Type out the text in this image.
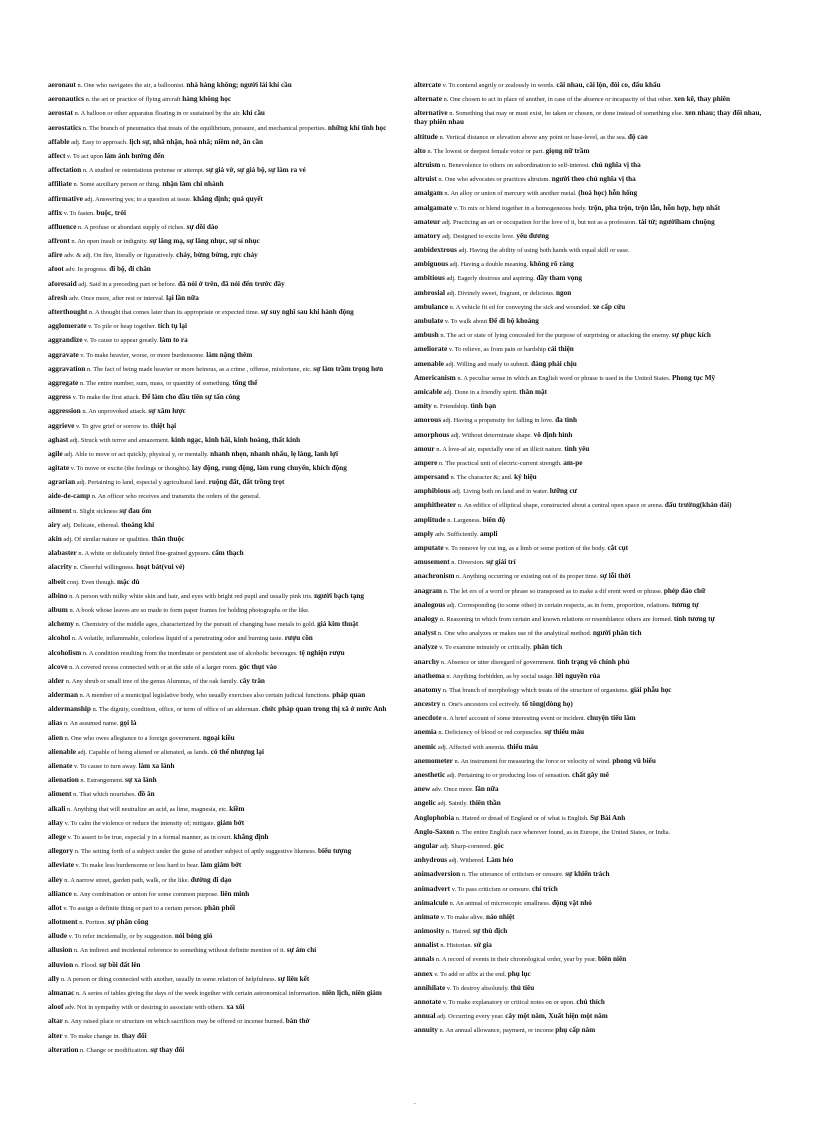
aeronaut n. One who navigates the air, a balloonist. nhà hàng không; người lái khí cầu
aeronautics n. the art or practice of flying aircraft hàng không học
aerostat n. A balloon or other apparatus floating in or sustained by the air. khí cầu
aerostatics n. The branch of pneumatics that treats of the equilibrium, pressure, and mechanical properties. những khí tĩnh học
affable adj. Easy to approach. lịch sự, nhã nhặn, hoà nhã; niềm nở, ân cần
affect v. To act upon làm ảnh hưởng đến
affectation n. A studied or ostentatious pretense or attempt. sự giả vờ, sự giả bộ, sự làm ra vẻ
affiliate n. Some auxiliary person or thing. nhận làm chi nhánh
affirmative adj. Answering yes; to a question at issue. khẳng định; quả quyết
affix v. To fasten. buộc, trói
affluence n. A profuse or abundant supply of riches. sự dồi dào
affront n. An open insult or indignity. sự lăng mạ, sự lăng nhục, sự sỉ nhục
afire adv. & adj. On fire, literally or figuratively. cháy, bừng bừng, rực cháy
afoot adv. In progress. đi bộ, đi chân
aforesaid adj. Said in a preceding part or before. đã nói ở trên, đã nói đến trước đây
afresh adv. Once more, after rest or interval. lại lần nữa
afterthought n. A thought that comes later than its appropriate or expected time. sự suy nghĩ sau khi hành động
agglomerate v. To pile or heap together. tích tụ lại
aggrandize v. To cause to appear greatly. làm to ra
aggravate v. To make heavier, worse, or more burdensome. làm nặng thêm
aggravation n. The fact of being made heavier or more heinous, as a crime , offense, misfortune, etc. sự làm trầm trọng hơn
aggregate n. The entire number, sum, mass, or quantity of something. tổng thể
aggress v. To make the first attack. Để làm cho đầu tiên sự tấn công
aggression n. An unprovoked attack. sự xâm lược
aggrieve v. To give grief or sorrow to. thiệt hại
aghast adj. Struck with terror and amazement. kinh ngạc, kinh hãi, kinh hoàng, thất kinh
agile adj. Able to move or act quickly, physical y, or mentally. nhanh nhẹn, nhanh nhẩu, lẹ làng, lanh lợi
agitate v. To move or excite (the feelings or thoughts). lay động, rung động, làm rung chuyển, khích động
agrarian adj. Pertaining to land, especial y agricultural land. ruộng đất, đất trồng trọt
aide-de-camp n. An officer who receives and transmits the orders of the general.
ailment n. Slight sickness sự đau ốm
airy adj. Delicate, ethereal. thoáng khí
akin adj. Of similar nature or qualities. thân thuộc
alabaster n. A white or delicately tinted fine-grained gypsum. cẩm thạch
alacrity n. Cheerful willingness. hoạt bát(vui vẻ)
albeit conj. Even though. mặc dù
albino n. A person with milky white skin and hair, and eyes with bright red pupil and usually pink iris. người bạch tạng
album n. A book whose leaves are so made to form paper frames for holding photographs or the like.
alchemy n. Chemistry of the middle ages, characterized by the pursuit of changing base metals to gold. giả kim thuật
alcohol n. A volatile, inflammable, colorless liquid of a penetrating odor and burning taste. rượu cồn
alcoholism n. A condition resulting from the inordinate or persistent use of alcoholic beverages. tệ nghiện rượu
alcove n. A covered recess connected with or at the side of a larger room. góc thụt vào
alder n. Any shrub or small tree of the genus Alumnus, of the oak family. cây trăn
alderman n. A member of a municipal legislative body, who usually exercises also certain judicial functions. pháp quan
aldermanship n. The dignity, condition, office, or term of office of an alderman. chức pháp quan trong thị xã ở nước Anh
alias n. An assumed name. gọi là
alien n. One who owes allegiance to a foreign government. ngoại kiều
alienable adj. Capable of being aliened or alienated, as lands. có thể nhượng lại
alienate v. To cause to turn away. làm xa lánh
alienation n. Estrangement. sự xa lánh
aliment n. That which nourishes. đồ ăn
alkali n. Anything that will neutralize an acid, as lime, magnesia, etc. kiềm
allay v. To calm the violence or reduce the intensity of; mitigate. giảm bớt
allege v. To assert to be true, especial y in a formal manner, as in court. khẳng định
allegory n. The setting forth of a subject under the guise of another subject of aptly suggestive likeness. biểu tượng
alleviate v. To make less burdensome or less hard to bear. làm giảm bớt
alley n. A narrow street, garden path, walk, or the like. đường đi dạo
alliance n. Any combination or union for some common purpose. liên minh
allot v. To assign a definite thing or part to a certain person. phân phối
allotment n. Portion. sự phân công
allude v. To refer incidentally, or by suggestion. nói bóng gió
allusion n. An indirect and incidental reference to something without definite mention of it. sự ám chỉ
alluvion n. Flood. sự bồi đất lên
ally n. A person or thing connected with another, usually in some relation of helpfulness. sự liên kết
almanac n. A series of tables giving the days of the week together with certain astronomical information. niên lịch, niên giám
aloof adv. Not in sympathy with or desiring to associate with others. xa xôi
altar n. Any raised place or structure on which sacrifices may be offered or incense burned. bàn thờ
alter v. To make change in. thay đổi
alteration n. Change or modification. sự thay đổi
altercate v. To contend angrily or zealously in words. cãi nhau, cãi lộn, đôi co, đấu khẩu
alternate n. One chosen to act in place of another, in case of the absence or incapacity of that other. xen kẽ, thay phiên
alternative n. Something that may or must exist, be taken or chosen, or done instead of something else. xen nhau; thay đổi nhau, thay phiên nhau
altitude n. Vertical distance or elevation above any point or base-level, as the sea. độ cao
alto n. The lowest or deepest female voice or part. giọng nữ trầm
altruism n. Benevolence to others on subordination to self-interest. chủ nghĩa vị tha
altruist n. One who advocates or practices altruism. người theo chủ nghĩa vị tha
amalgam n. An alloy or union of mercury with another metal. (hoá học) hỗn hống
amalgamate v. To mix or blend together in a homogeneous body. trộn, pha trộn, trộn lẫn, hỗn hợp, hợp nhất
amateur adj. Practicing an art or occupation for the love of it, but not as a profession. tài tử; ngườiham chuộng
amatory adj. Designed to excite love. yêu đương
ambidextrous adj. Having the ability of using both hands with equal skill or ease.
ambiguous adj. Having a double meaning. không rõ ràng
ambitious adj. Eagerly desirous and aspiring. đầy tham vọng
ambrosial adj. Divinely sweet, fragrant, or delicious. ngon
ambulance n. A vehicle fit ed for conveying the sick and wounded. xe cấp cứu
ambulate v. To walk about Để đi bộ khoảng
ambush n. The act or state of lying concealed for the purpose of surprising or attacking the enemy. sự phục kích
ameliorate v. To relieve, as from pain or hardship cải thiện
amenable adj. Willing and ready to submit. đáng phải chịu
Americanism n. A peculiar sense in which an English word or phrase is used in the United States. Phong tục Mỹ
amicable adj. Done in a friendly spirit. thân mật
amity n. Friendship. tình bạn
amorous adj. Having a propensity for falling in love. đa tình
amorphous adj. Without determinate shape. vô định hình
amour n. A love-af air, especially one of an illicit nature. tình yêu
ampere n. The practical unit of electric-current strength. am-pe
ampersand n. The character &; and. ký hiệu
amphibious adj. Living both on land and in water. lưỡng cư
amphitheater n. An edifice of elliptical shape, constructed about a central open space or arena. đấu trường(khán đài)
amplitude n. Largeness. biên độ
amply adv. Sufficiently. ampli
amputate v. To remove by cut ing, as a limb or some portion of the body. cắt cụt
amusement n. Diversion. sự giải trí
anachronism n. Anything occurring or existing out of its proper time. sự lỗi thời
anagram n. The let ers of a word or phrase so transposed as to make a dif erent word or phrase. phép đảo chữ
analogous adj. Corresponding (to some other) in certain respects, as in form, proportion, relations. tương tự
analogy n. Reasoning in which from certain and known relations or resemblance others are formed. tính tương tự
analyst n. One who analyzes or makes use of the analytical method. người phân tích
analyze v. To examine minutely or critically. phân tích
anarchy n. Absence or utter disregard of government. tình trạng vô chính phủ
anathema n. Anything forbidden, as by social usage. lời nguyền rủa
anatomy n. That branch of morphology which treats of the structure of organisms. giải phẫu học
ancestry n. One's ancestors col ectively. tổ tông(dòng họ)
anecdote n. A brief account of some interesting event or incident. chuyện tiếu lâm
anemia n. Deficiency of blood or red corpuscles. sự thiếu máu
anemic adj. Affected with anemia. thiếu máu
anemometer n. An instrument for measuring the force or velocity of wind. phong vũ biểu
anesthetic adj. Pertaining to or producing loss of sensation. chất gây mê
anew adv. Once more. lần nữa
angelic adj. Saintly. thiên thần
Anglophobia n. Hatred or dread of England or of what is English. Sự Bài Anh
Anglo-Saxon n. The entire English race wherever found, as in Europe, the United States, or India.
angular adj. Sharp-cornered. góc
anhydrous adj. Withered. Làm héo
animadversion n. The utterance of criticism or censure. sự khiển trách
animadvert v. To pass criticism or censure. chỉ trích
animalcule n. An animal of microscopic smallness. động vật nhỏ
animate v. To make alive. náo nhiệt
animosity n. Hatred. sự thù địch
annalist n. Historian. sử gia
annals n. A record of events in their chronological order, year by year. biên niên
annex v. To add or affix at the end. phụ lục
annihilate v. To destroy absolutely. thủ tiêu
annotate v. To make explanatory or critical notes on or upon. chú thích
annual adj. Occurring every year. cây một năm, Xuất hiện một năm
annuity n. An annual allowance, payment, or income phụ cấp năm
.
